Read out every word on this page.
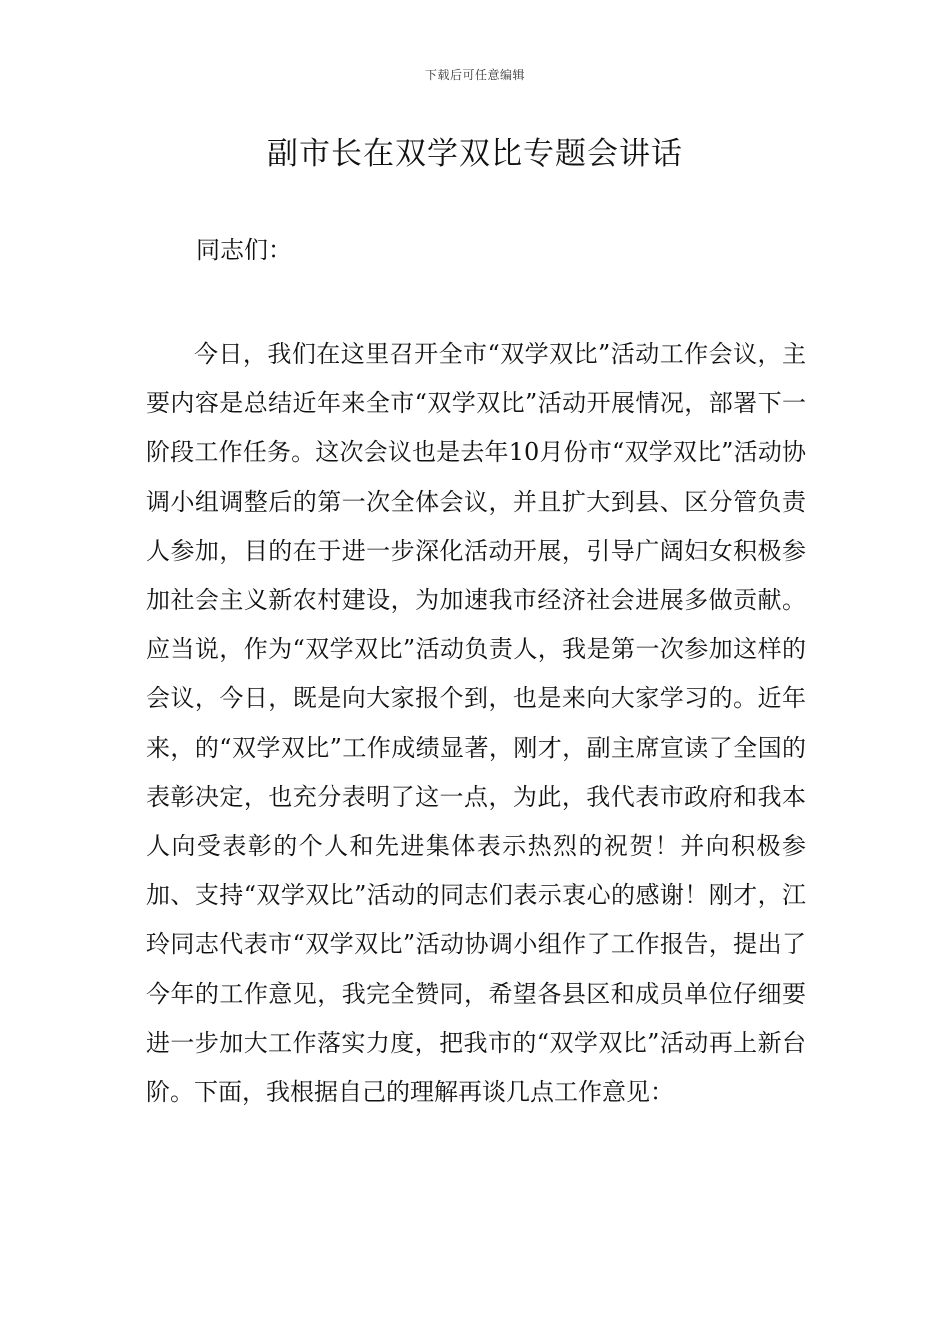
下载后可任意编辑
副市长在双学双比专题会讲话
同志们：

今日，我们在这里召开全市“双学双比”活动工作会议，主要内容是总结近年来全市“双学双比”活动开展情况，部署下一阶段工作任务。这次会议也是去年10月份市“双学双比”活动协调小组调整后的第一次全体会议，并且扩大到县、区分管负责人参加，目的在于进一步深化活动开展，引导广阔妇女积极参加社会主义新农村建设，为加速我市经济社会进展多做贡献。应当说，作为“双学双比”活动负责人，我是第一次参加这样的会议，今日，既是向大家报个到，也是来向大家学习的。近年来，的“双学双比”工作成绩显著，刚才，副主席宣读了全国的表彰决定，也充分表明了这一点，为此，我代表市政府和我本人向受表彰的个人和先进集体表示热烈的祝贺！并向积极参加、支持“双学双比”活动的同志们表示衷心的感谢！刚才，江玲同志代表市“双学双比”活动协调小组作了工作报告，提出了今年的工作意见，我完全赞同，希望各县区和成员单位仔细要进一步加大工作落实力度，把我市的“双学双比”活动再上新台阶。下面，我根据自己的理解再谈几点工作意见：
